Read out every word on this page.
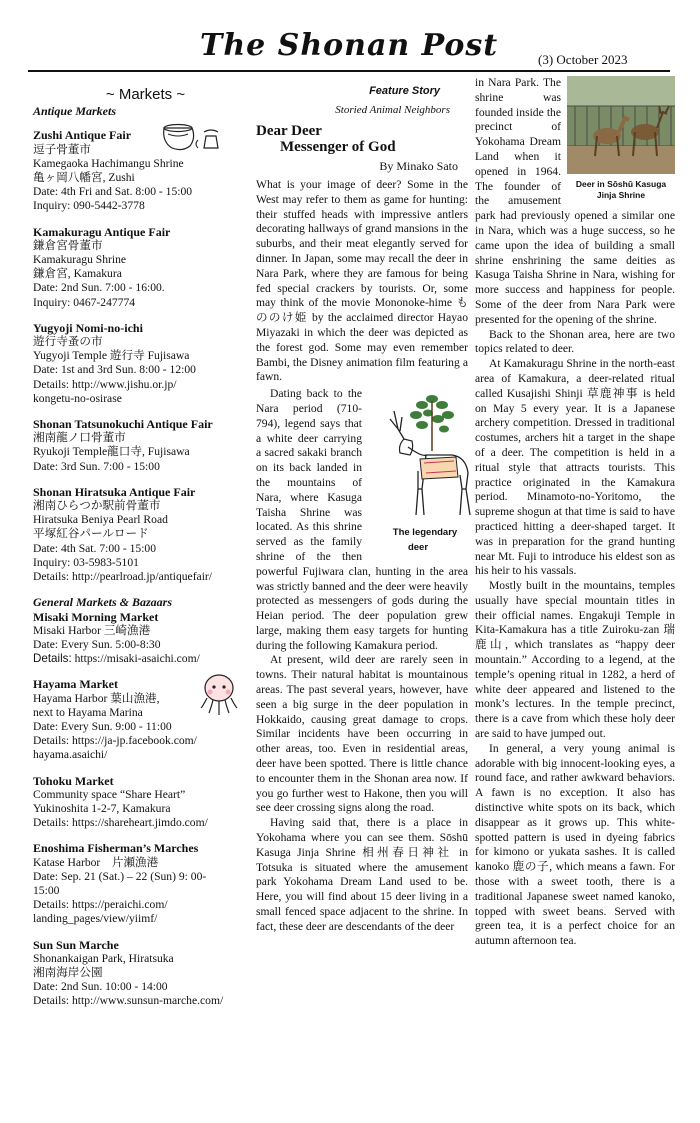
The Shonan Post	(3) October 2023
~ Markets ~
Antique Markets
Zushi Antique Fair
逗子骨董市
Kamegaoka Hachimangu Shrine
亀ヶ岡八幡宮, Zushi
Date: 4th Fri and Sat. 8:00 - 15:00
Inquiry: 090-5442-3778
Kamakuragu Antique Fair
鎌倉宮骨董市
Kamakuragu Shrine
鎌倉宮, Kamakura
Date: 2nd Sun. 7:00 - 16:00.
Inquiry: 0467-247774
Yugyoji Nomi-no-ichi
遊行寺蚤の市
Yugyoji Temple 遊行寺 Fujisawa
Date: 1st and 3rd Sun. 8:00 - 12:00
Details: http://www.jishu.or.jp/
kongetu-no-osirase
Shonan Tatsunokuchi Antique Fair
湘南龍ノ口骨董市
Ryukoji Temple龍口寺, Fujisawa
Date: 3rd Sun. 7:00 - 15:00
Shonan Hiratsuka Antique Fair
湘南ひらつか駅前骨董市
Hiratsuka Beniya Pearl Road
平塚紅谷パールロード
Date: 4th Sat. 7:00 - 15:00
Inquiry: 03-5983-5101
Details: http://pearlroad.jp/antiquefair/
General Markets & Bazaars
Misaki Morning Market
Misaki Harbor 三崎漁港
Date: Every Sun. 5:00-8:30
Details: https://misaki-asaichi.com/
Hayama Market
Hayama Harbor 葉山漁港,
next to Hayama Marina
Date: Every Sun. 9:00 - 11:00
Details: https://ja-jp.facebook.com/
hayama.asaichi/
Tohoku Market
Community space “Share Heart”
Yukinoshita 1-2-7, Kamakura
Details: https://shareheart.jimdo.com/
Enoshima Fisherman’s Marches
Katase Harbor　片瀬漁港
Date: Sep. 21 (Sat.) – 22 (Sun) 9: 00-
15:00
Details: https://peraichi.com/
landing_pages/view/yiimf/
Sun Sun Marche
Shonankaigan Park, Hiratsuka
湘南海岸公園
Date: 2nd Sun. 10:00 - 14:00
Details: http://www.sunsun-marche.com/
Feature Story
Storied Animal Neighbors
Dear Deer
Messenger of God
By Minako Sato
What is your image of deer? Some in the West may refer to them as game for hunting: their stuffed heads with impressive antlers decorating hallways of grand mansions in the suburbs, and their meat elegantly served for dinner. In Japan, some may recall the deer in Nara Park, where they are famous for being fed special crackers by tourists. Or, some may think of the movie Mononoke-hime もののけ姫 by the acclaimed director Hayao Miyazaki in which the deer was depicted as the forest god. Some may even remember Bambi, the Disney animation film featuring a fawn.
The legendary deer
Dating back to the Nara period (710-794), legend says that a white deer carrying a sacred sakaki branch on its back landed in the mountains of Nara, where Kasuga Taisha Shrine was located. As this shrine served as the family shrine of the then powerful Fujiwara clan, hunting in the area was strictly banned and the deer were heavily protected as messengers of gods during the Heian period. The deer population grew large, making them easy targets for hunting during the following Kamakura period.
At present, wild deer are rarely seen in towns. Their natural habitat is mountainous areas. The past several years, however, have seen a big surge in the deer population in Hokkaido, causing great damage to crops. Similar incidents have been occurring in other areas, too. Even in residential areas, deer have been spotted. There is little chance to encounter them in the Shonan area now. If you go further west to Hakone, then you will see deer crossing signs along the road.
Having said that, there is a place in Yokohama where you can see them. Sōshū Kasuga Jinja Shrine 相州春日神社 in Totsuka is situated where the amusement park Yokohama Dream Land used to be. Here, you will find about 15 deer living in a small fenced space adjacent to the shrine. In fact, these deer are descendants of the deer
Deer in Sōshū Kasuga Jinja Shrine
in Nara Park. The shrine was founded inside the precinct of Yokohama Dream Land when it opened in 1964. The founder of the amusement park had previously opened a similar one in Nara, which was a huge success, so he came upon the idea of building a small shrine enshrining the same deities as Kasuga Taisha Shrine in Nara, wishing for more success and happiness for people. Some of the deer from Nara Park were presented for the opening of the shrine.
Back to the Shonan area, here are two topics related to deer.
At Kamakuragu Shrine in the north-east area of Kamakura, a deer-related ritual called Kusajishi Shinji 草鹿神事 is held on May 5 every year. It is a Japanese archery competition. Dressed in traditional costumes, archers hit a target in the shape of a deer. The competition is held in a ritual style that attracts tourists. This practice originated in the Kamakura period. Minamoto-no-Yoritomo, the supreme shogun at that time is said to have practiced hitting a deer-shaped target. It was in preparation for the grand hunting near Mt. Fuji to introduce his eldest son as his heir to his vassals.
Mostly built in the mountains, temples usually have special mountain titles in their official names. Engakuji Temple in Kita-Kamakura has a title Zuiroku-zan 瑞鹿山, which translates as “happy deer mountain.” According to a legend, at the temple’s opening ritual in 1282, a herd of white deer appeared and listened to the monk’s lectures. In the temple precinct, there is a cave from which these holy deer are said to have jumped out.
In general, a very young animal is adorable with big innocent-looking eyes, a round face, and rather awkward behaviors. A fawn is no exception. It also has distinctive white spots on its back, which disappear as it grows up. This white-spotted pattern is used in dyeing fabrics for kimono or yukata sashes. It is called kanoko 鹿の子, which means a fawn. For those with a sweet tooth, there is a traditional Japanese sweet named kanoko, topped with sweet beans. Served with green tea, it is a perfect choice for an autumn afternoon tea.
